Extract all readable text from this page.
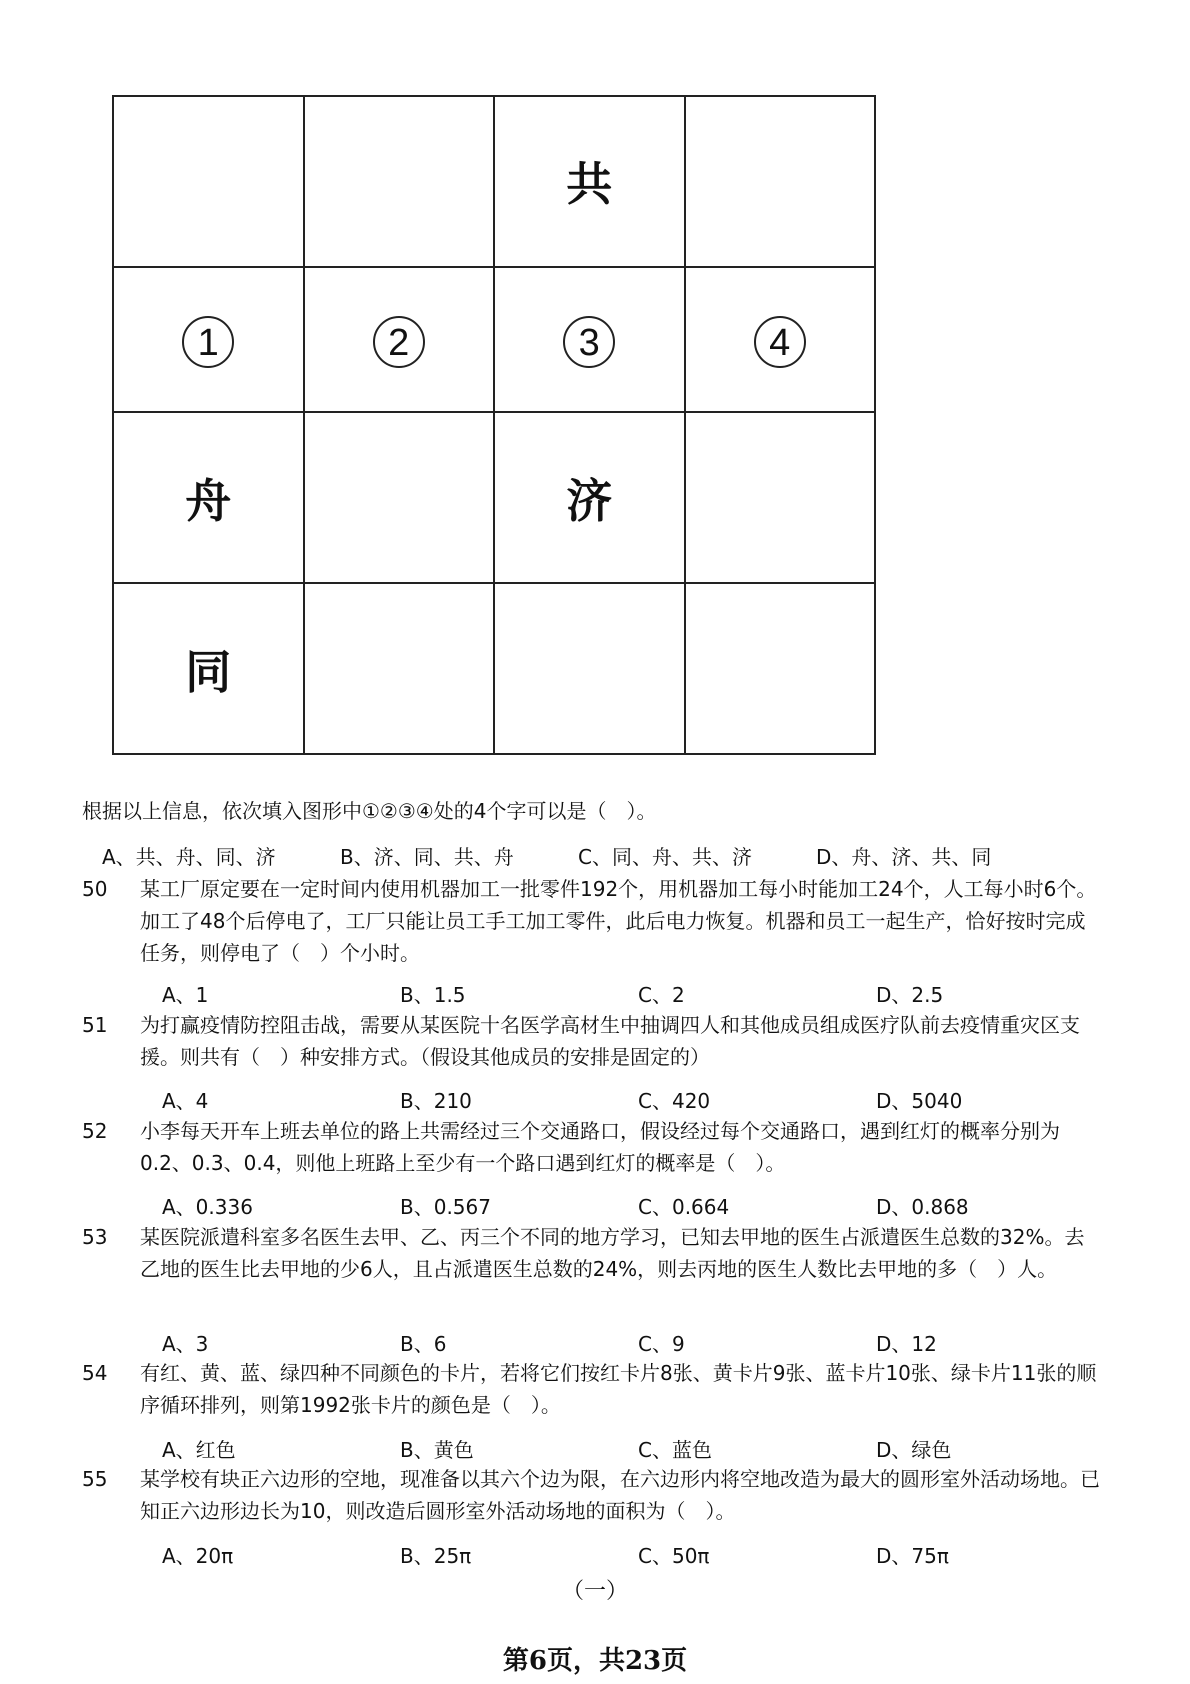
		共	
1	2	3	4
舟		济	
同			
根据以上信息，依次填入图形中①②③④处的4个字可以是（　）。
A、共、舟、同、济	B、济、同、共、舟	C、同、舟、共、济	D、舟、济、共、同
50 某工厂原定要在一定时间内使用机器加工一批零件192个，用机器加工每小时能加工24个，人工每小时6个。加工了48个后停电了，工厂只能让员工手工加工零件，此后电力恢复。机器和员工一起生产，恰好按时完成任务，则停电了（　）个小时。
A、1	B、1.5	C、2	D、2.5
51 为打赢疫情防控阻击战，需要从某医院十名医学高材生中抽调四人和其他成员组成医疗队前去疫情重灾区支援。则共有（　）种安排方式。（假设其他成员的安排是固定的）
A、4	B、210	C、420	D、5040
52 小李每天开车上班去单位的路上共需经过三个交通路口，假设经过每个交通路口，遇到红灯的概率分别为0.2、0.3、0.4，则他上班路上至少有一个路口遇到红灯的概率是（　）。
A、0.336	B、0.567	C、0.664	D、0.868
53 某医院派遣科室多名医生去甲、乙、丙三个不同的地方学习，已知去甲地的医生占派遣医生总数的32%。去乙地的医生比去甲地的少6人，且占派遣医生总数的24%，则去丙地的医生人数比去甲地的多（　）人。
A、3	B、6	C、9	D、12
54 有红、黄、蓝、绿四种不同颜色的卡片，若将它们按红卡片8张、黄卡片9张、蓝卡片10张、绿卡片11张的顺序循环排列，则第1992张卡片的颜色是（　）。
A、红色	B、黄色	C、蓝色	D、绿色
55 某学校有块正六边形的空地，现准备以其六个边为限，在六边形内将空地改造为最大的圆形室外活动场地。已知正六边形边长为10，则改造后圆形室外活动场地的面积为（　）。
A、20π	B、25π	C、50π	D、75π
（一）
第6页，共23页
